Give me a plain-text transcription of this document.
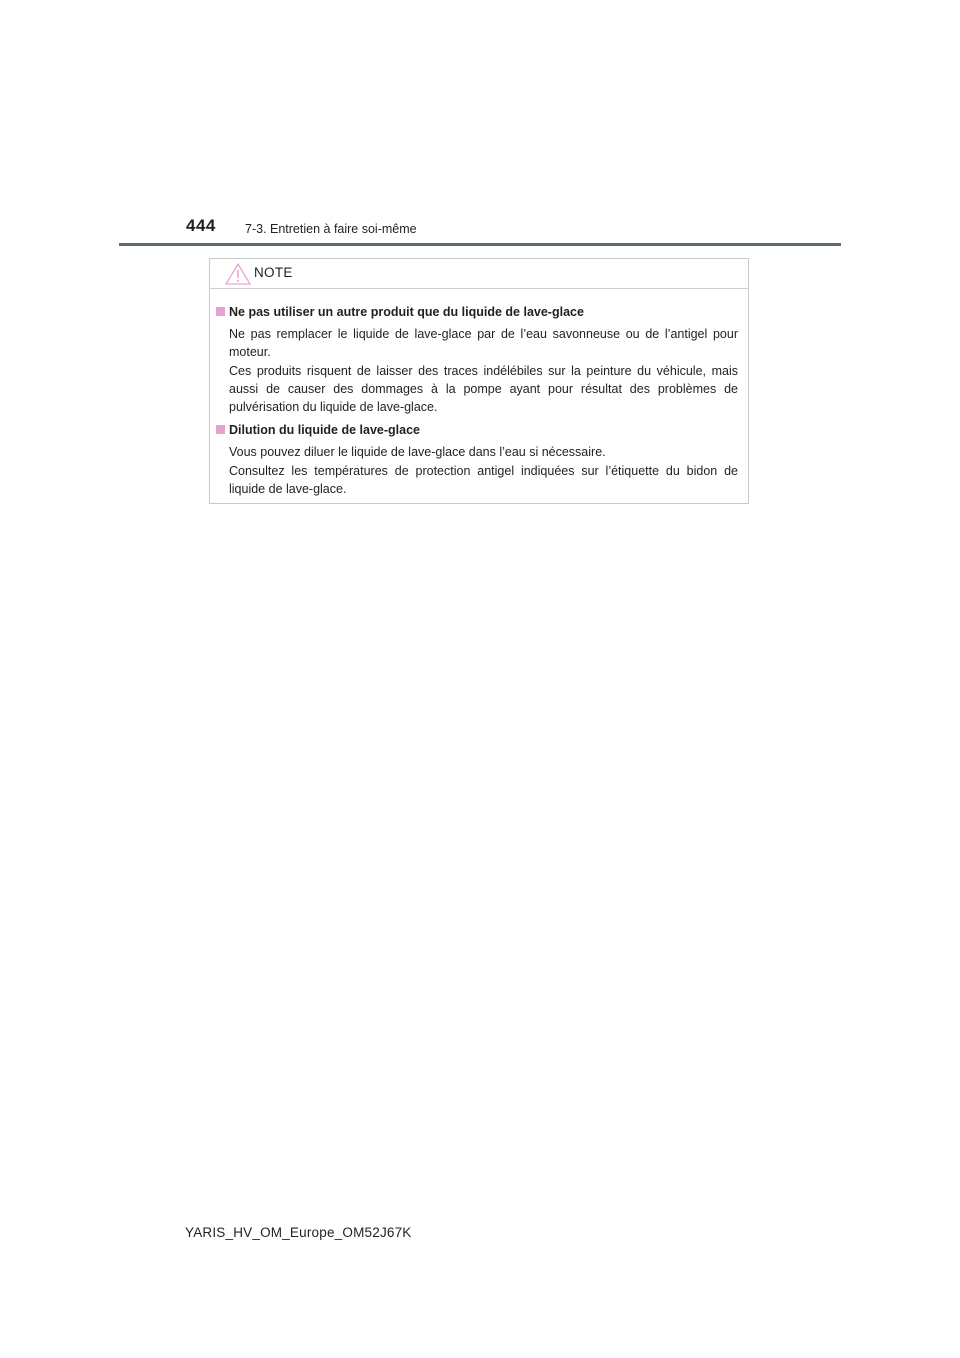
444 7-3. Entretien à faire soi-même
NOTE
Ne pas utiliser un autre produit que du liquide de lave-glace

Ne pas remplacer le liquide de lave-glace par de l’eau savonneuse ou de l’antigel pour moteur.

Ces produits risquent de laisser des traces indélébiles sur la peinture du véhicule, mais aussi de causer des dommages à la pompe ayant pour résultat des problèmes de pulvérisation du liquide de lave-glace.

Dilution du liquide de lave-glace

Vous pouvez diluer le liquide de lave-glace dans l’eau si nécessaire.

Consultez les températures de protection antigel indiquées sur l’étiquette du bidon de liquide de lave-glace.

YARIS_HV_OM_Europe_OM52J67K
